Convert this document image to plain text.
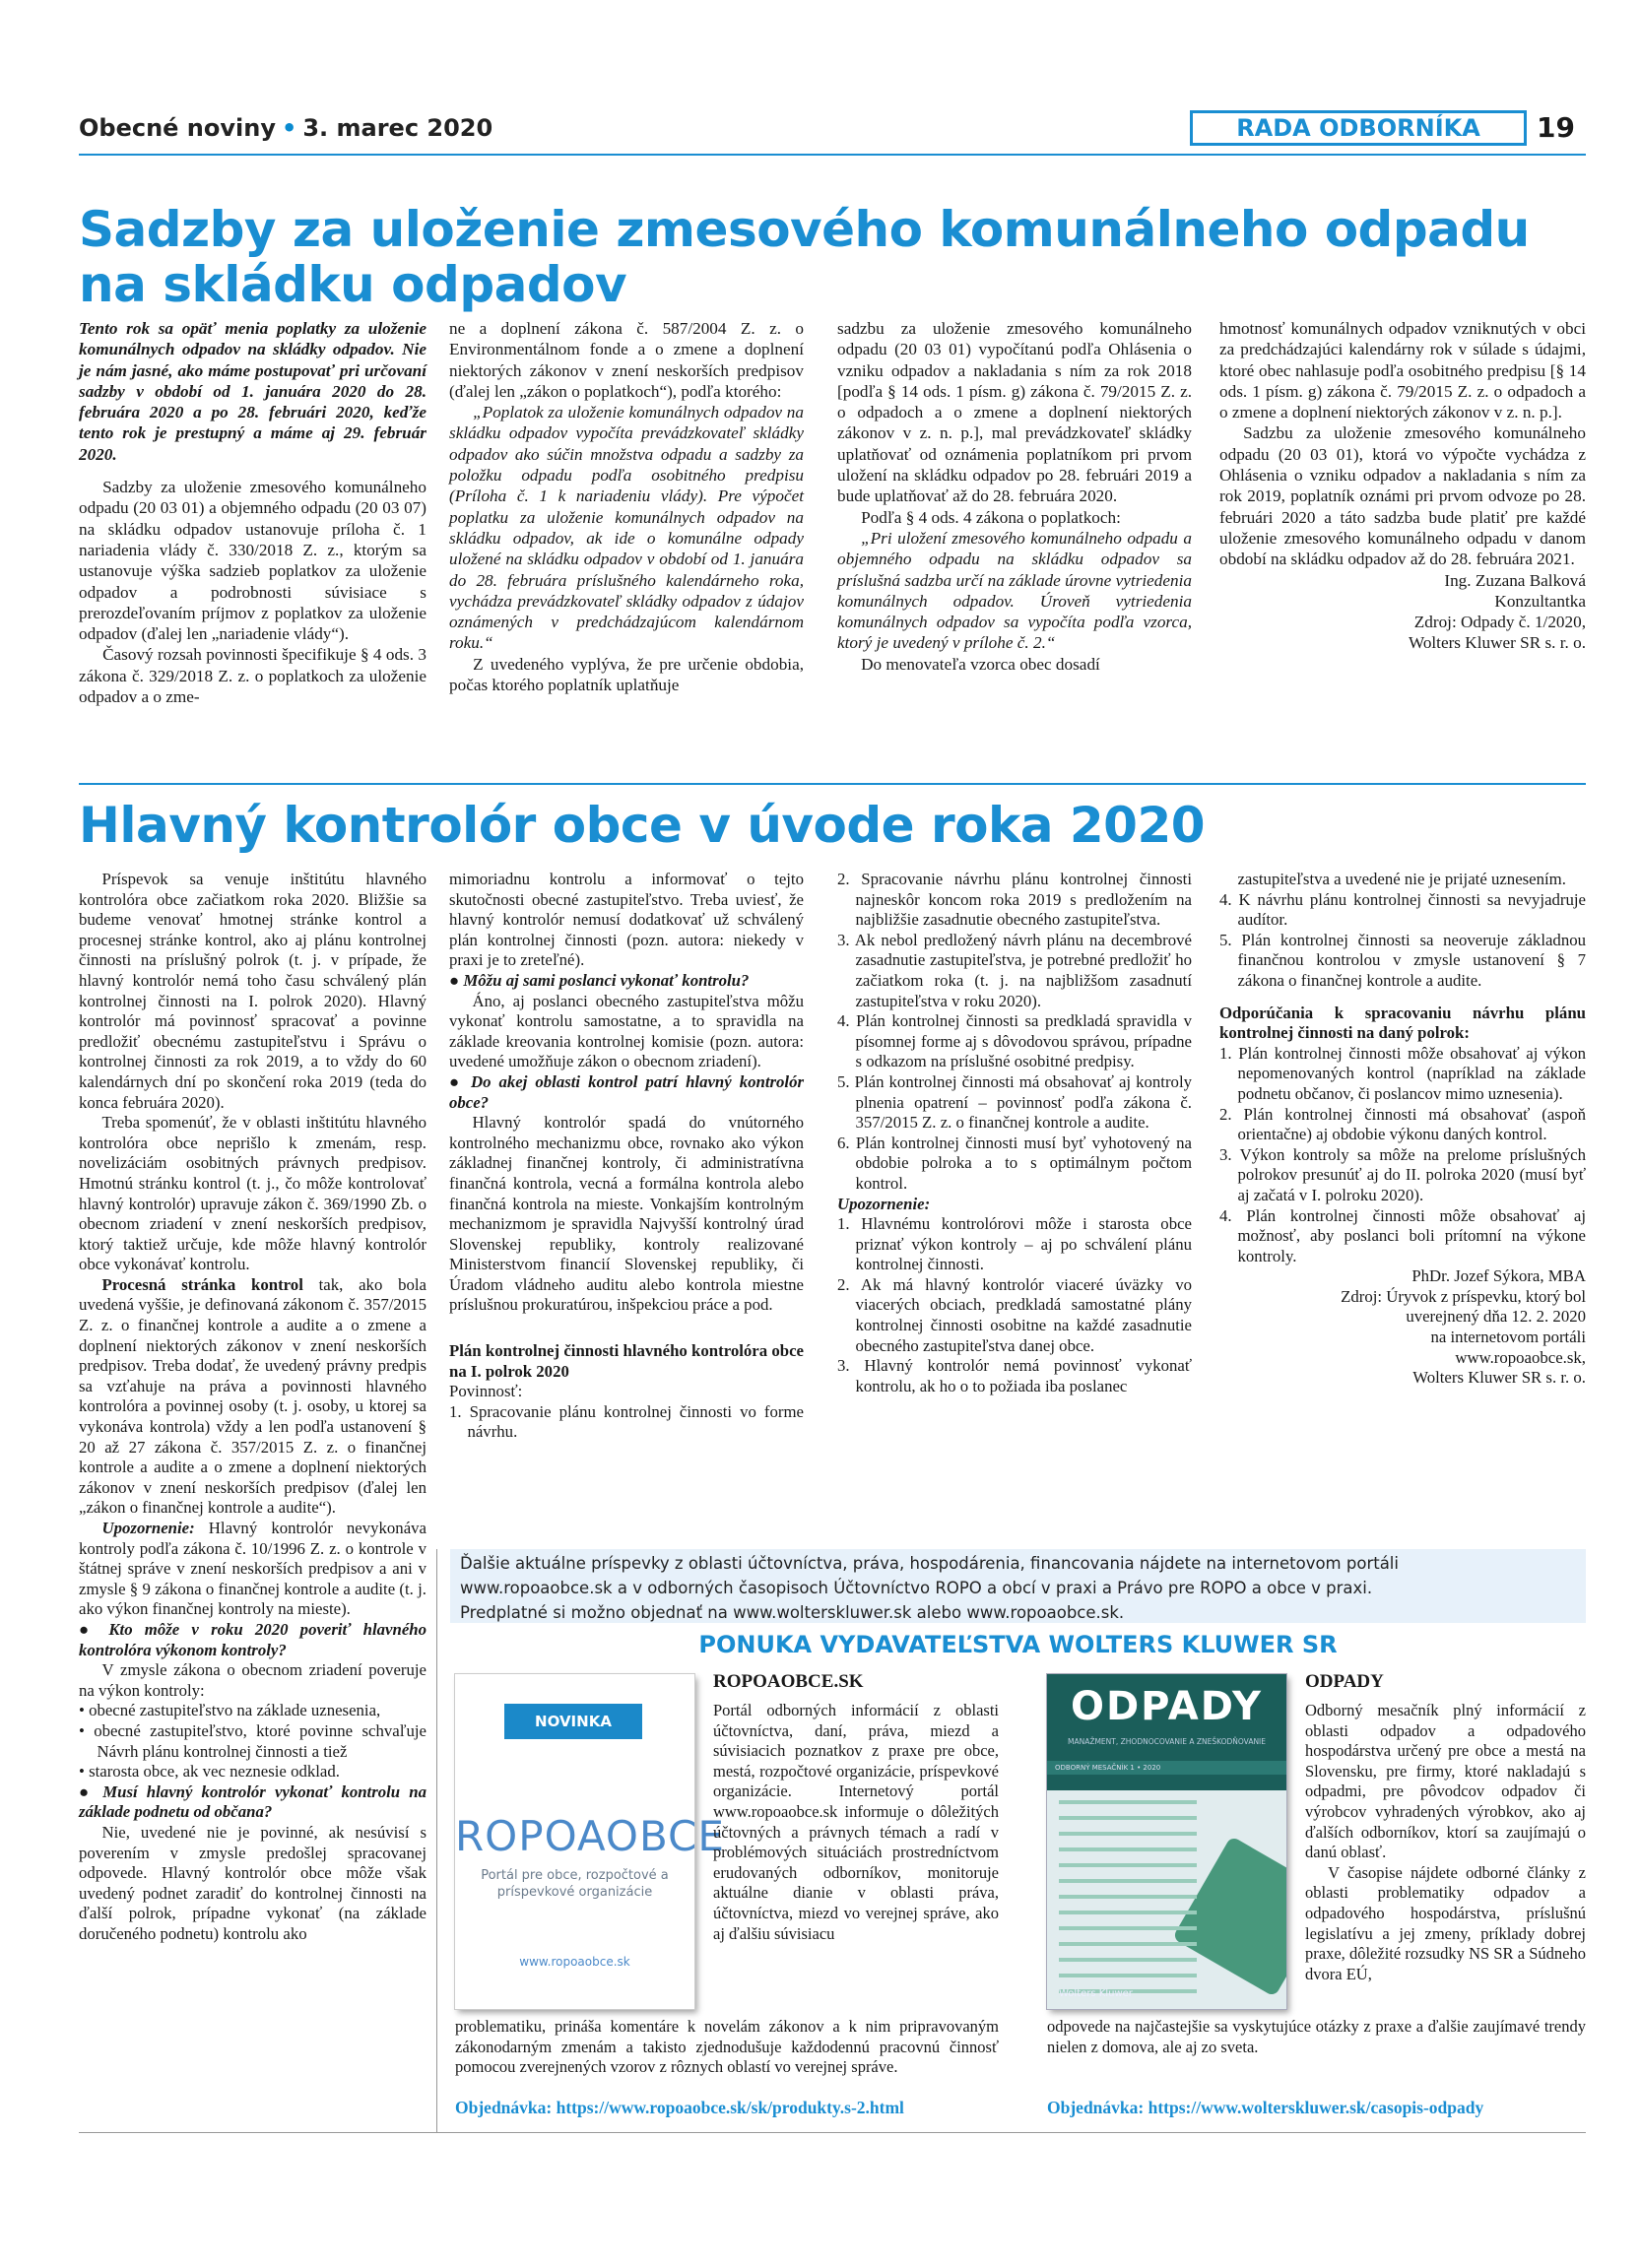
Obecné noviny • 3. marec 2020	RADA ODBORNÍKA	19
Sadzby za uloženie zmesového komunálneho odpadu
na skládku odpadov

Tento rok sa opäť menia poplatky za uloženie komunálnych odpadov na skládky odpadov. Nie je nám jasné, ako máme postupovať pri určovaní sadzby v období od 1. januára 2020 do 28. februára 2020 a po 28. februári 2020, keďže tento rok je prestupný a máme aj 29. február 2020.

Sadzby za uloženie zmesového komunálneho odpadu (20 03 01) a objemného odpadu (20 03 07) na skládku odpadov ustanovuje príloha č. 1 nariadenia vlády č. 330/2018 Z. z., ktorým sa ustanovuje výška sadzieb poplatkov za uloženie odpadov a podrobnosti súvisiace s prerozdeľovaním príjmov z poplatkov za uloženie odpadov (ďalej len „nariadenie vlády“).

Časový rozsah povinnosti špecifikuje § 4 ods. 3 zákona č. 329/2018 Z. z. o poplatkoch za uloženie odpadov a o zme-

ne a doplnení zákona č. 587/2004 Z. z. o Environmentálnom fonde a o zmene a doplnení niektorých zákonov v znení neskorších predpisov (ďalej len „zákon o poplatkoch“), podľa ktorého:

„Poplatok za uloženie komunálnych odpadov na skládku odpadov vypočíta prevádzkovateľ skládky odpadov ako súčin množstva odpadu a sadzby za položku odpadu podľa osobitného predpisu (Príloha č. 1 k nariadeniu vlády). Pre výpočet poplatku za uloženie komunálnych odpadov na skládku odpadov, ak ide o komunálne odpady uložené na skládku odpadov v období od 1. januára do 28. februára príslušného kalendárneho roka, vychádza prevádzkovateľ skládky odpadov z údajov oznámených v predchádzajúcom kalendárnom roku.“

Z uvedeného vyplýva, že pre určenie obdobia, počas ktorého poplatník uplatňuje

sadzbu za uloženie zmesového komunálneho odpadu (20 03 01) vypočítanú podľa Ohlásenia o vzniku odpadov a nakladania s ním za rok 2018 [podľa § 14 ods. 1 písm. g) zákona č. 79/2015 Z. z. o odpadoch a o zmene a doplnení niektorých zákonov v z. n. p.], mal prevádzkovateľ skládky uplatňovať od oznámenia poplatníkom pri prvom uložení na skládku odpadov po 28. februári 2019 a bude uplatňovať až do 28. februára 2020.

Podľa § 4 ods. 4 zákona o poplatkoch:

„Pri uložení zmesového komunálneho odpadu a objemného odpadu na skládku odpadov sa príslušná sadzba určí na základe úrovne vytriedenia komunálnych odpadov. Úroveň vytriedenia komunálnych odpadov sa vypočíta podľa vzorca, ktorý je uvedený v prílohe č. 2.“

Do menovateľa vzorca obec dosadí

hmotnosť komunálnych odpadov vzniknutých v obci za predchádzajúci kalendárny rok v súlade s údajmi, ktoré obec nahlasuje podľa osobitného predpisu [§ 14 ods. 1 písm. g) zákona č. 79/2015 Z. z. o odpadoch a o zmene a doplnení niektorých zákonov v z. n. p.].

Sadzbu za uloženie zmesového komunálneho odpadu (20 03 01), ktorá vo výpočte vychádza z Ohlásenia o vzniku odpadov a nakladania s ním za rok 2019, poplatník oznámi pri prvom odvoze po 28. februári 2020 a táto sadzba bude platiť pre každé uloženie zmesového komunálneho odpadu v danom období na skládku odpadov až do 28. februára 2021.

Ing. Zuzana Balková

Konzultantka

Zdroj: Odpady č. 1/2020,

Wolters Kluwer SR s. r. o.

Hlavný kontrolór obce v úvode roka 2020

Príspevok sa venuje inštitútu hlavného kontrolóra obce začiatkom roka 2020. Bližšie sa budeme venovať hmotnej stránke kontrol a procesnej stránke kontrol, ako aj plánu kontrolnej činnosti na príslušný polrok (t. j. v prípade, že hlavný kontrolór nemá toho času schválený plán kontrolnej činnosti na I. polrok 2020). Hlavný kontrolór má povinnosť spracovať a povinne predložiť obecnému zastupiteľstvu i Správu o kontrolnej činnosti za rok 2019, a to vždy do 60 kalendárnych dní po skončení roka 2019 (teda do konca februára 2020).

Treba spomenúť, že v oblasti inštitútu hlavného kontrolóra obce neprišlo k zmenám, resp. novelizáciám osobitných právnych predpisov. Hmotnú stránku kontrol (t. j., čo môže kontrolovať hlavný kontrolór) upravuje zákon č. 369/1990 Zb. o obecnom zriadení v znení neskorších predpisov, ktorý taktiež určuje, kde môže hlavný kontrolór obce vykonávať kontrolu.

Procesná stránka kontrol tak, ako bola uvedená vyššie, je definovaná zákonom č. 357/2015 Z. z. o finančnej kontrole a audite a o zmene a doplnení niektorých zákonov v znení neskorších predpisov. Treba dodať, že uvedený právny predpis sa vzťahuje na práva a povinnosti hlavného kontrolóra a povinnej osoby (t. j. osoby, u ktorej sa vykonáva kontrola) vždy a len podľa ustanovení § 20 až 27 zákona č. 357/2015 Z. z. o finančnej kontrole a audite a o zmene a doplnení niektorých zákonov v znení neskorších predpisov (ďalej len „zákon o finančnej kontrole a audite“).

Upozornenie: Hlavný kontrolór nevykonáva kontroly podľa zákona č. 10/1996 Z. z. o kontrole v štátnej správe v znení neskorších predpisov a ani v zmysle § 9 zákona o finančnej kontrole a audite (t. j. ako výkon finančnej kontroly na mieste).

● Kto môže v roku 2020 poveriť hlavného kontrolóra výkonom kontroly?

V zmysle zákona o obecnom zriadení poveruje na výkon kontroly:

• obecné zastupiteľstvo na základe uznesenia,

• obecné zastupiteľstvo, ktoré povinne schvaľuje Návrh plánu kontrolnej činnosti a tiež

• starosta obce, ak vec neznesie odklad.

● Musí hlavný kontrolór vykonať kontrolu na základe podnetu od občana?

Nie, uvedené nie je povinné, ak nesúvisí s poverením v zmysle predošlej spracovanej odpovede. Hlavný kontrolór obce môže však uvedený podnet zaradiť do kontrolnej činnosti na ďalší polrok, prípadne vykonať (na základe doručeného podnetu) kontrolu ako

mimoriadnu kontrolu a informovať o tejto skutočnosti obecné zastupiteľstvo. Treba uviesť, že hlavný kontrolór nemusí dodatkovať už schválený plán kontrolnej činnosti (pozn. autora: niekedy v praxi je to zreteľné).

● Môžu aj sami poslanci vykonať kontrolu?

Áno, aj poslanci obecného zastupiteľstva môžu vykonať kontrolu samostatne, a to spravidla na základe kreovania kontrolnej komisie (pozn. autora: uvedené umožňuje zákon o obecnom zriadení).

● Do akej oblasti kontrol patrí hlavný kontrolór obce?

Hlavný kontrolór spadá do vnútorného kontrolného mechanizmu obce, rovnako ako výkon základnej finančnej kontroly, či administratívna finančná kontrola, vecná a formálna kontrola alebo finančná kontrola na mieste. Vonkajším kontrolným mechanizmom je spravidla Najvyšší kontrolný úrad Slovenskej republiky, kontroly realizované Ministerstvom financií Slovenskej republiky, či Úradom vládneho auditu alebo kontrola miestne príslušnou prokuratúrou, inšpekciou práce a pod.

Plán kontrolnej činnosti hlavného kontrolóra obce na I. polrok 2020

Povinnosť:

1. Spracovanie plánu kontrolnej činnosti vo forme návrhu.

2. Spracovanie návrhu plánu kontrolnej činnosti najneskôr koncom roka 2019 s predložením na najbližšie zasadnutie obecného zastupiteľstva.

3. Ak nebol predložený návrh plánu na decembrové zasadnutie zastupiteľstva, je potrebné predložiť ho začiatkom roka (t. j. na najbližšom zasadnutí zastupiteľstva v roku 2020).

4. Plán kontrolnej činnosti sa predkladá spravidla v písomnej forme aj s dôvodovou správou, prípadne s odkazom na príslušné osobitné predpisy.

5. Plán kontrolnej činnosti má obsahovať aj kontroly plnenia opatrení – povinnosť podľa zákona č. 357/2015 Z. z. o finančnej kontrole a audite.

6. Plán kontrolnej činnosti musí byť vyhotovený na obdobie polroka a to s optimálnym počtom kontrol.

Upozornenie:

1. Hlavnému kontrolórovi môže i starosta obce priznať výkon kontroly – aj po schválení plánu kontrolnej činnosti.

2. Ak má hlavný kontrolór viaceré úväzky vo viacerých obciach, predkladá samostatné plány kontrolnej činnosti osobitne na každé zasadnutie obecného zastupiteľstva danej obce.

3. Hlavný kontrolór nemá povinnosť vykonať kontrolu, ak ho o to požiada iba poslanec

zastupiteľstva a uvedené nie je prijaté uznesením.

4. K návrhu plánu kontrolnej činnosti sa nevyjadruje audítor.

5. Plán kontrolnej činnosti sa neoveruje základnou finančnou kontrolou v zmysle ustanovení § 7 zákona o finančnej kontrole a audite.

Odporúčania k spracovaniu návrhu plánu kontrolnej činnosti na daný polrok:

1. Plán kontrolnej činnosti môže obsahovať aj výkon nepomenovaných kontrol (napríklad na základe podnetu občanov, či poslancov mimo uznesenia).

2. Plán kontrolnej činnosti má obsahovať (aspoň orientačne) aj obdobie výkonu daných kontrol.

3. Výkon kontroly sa môže na prelome príslušných polrokov presunúť aj do II. polroka 2020 (musí byť aj začatá v I. polroku 2020).

4. Plán kontrolnej činnosti môže obsahovať aj možnosť, aby poslanci boli prítomní na výkone kontroly.

PhDr. Jozef Sýkora, MBA

Zdroj: Úryvok z príspevku, ktorý bol

uverejnený dňa 12. 2. 2020

na internetovom portáli

www.ropoaobce.sk,

Wolters Kluwer SR s. r. o.

Ďalšie aktuálne príspevky z oblasti účtovníctva, práva, hospodárenia, financovania nájdete na internetovom portáli
www.ropoaobce.sk a v odborných časopisoch Účtovníctvo ROPO a obcí v praxi a Právo pre ROPO a obce v praxi.
Predplatné si možno objednať na www.wolterskluwer.sk alebo www.ropoaobce.sk.
PONUKA VYDAVATEĽSTVA WOLTERS KLUWER SR
NOVINKA
ROPOAOBCE
Portál pre obce, rozpočtové a príspevkové organizácie
www.ropoaobce.sk
ROPOAOBCE.SK

Portál odborných informácií z oblasti účtovníctva, daní, práva, miezd a súvisiacich poznatkov z praxe pre obce, mestá, rozpočtové organizácie, príspevkové organizácie. Internetový portál www.ropoaobce.sk informuje o dôležitých účtovných a právnych témach a radí v problémových situáciách prostredníctvom erudovaných odborníkov, monitoruje aktuálne dianie v oblasti práva, účtovníctva, miezd vo verejnej správe, ako aj ďalšiu súvisiacu

problematiku, prináša komentáre k novelám zákonov a k nim pripravovaným zákonodarným zmenám a takisto zjednodušuje každodennú pracovnú činnosť pomocou zverejnených vzorov z rôznych oblastí vo verejnej správe.

Objednávka: https://www.ropoaobce.sk/sk/produkty.s-2.html
ODPADY
MANAŽMENT, ZHODNOCOVANIE A ZNEŠKODŇOVANIE
ODBORNÝ MESAČNÍK 1 • 2020
Wolters Kluwer
ODPADY

Odborný mesačník plný informácií z oblasti odpadov a odpadového hospodárstva určený pre obce a mestá na Slovensku, pre firmy, ktoré nakladajú s odpadmi, pre pôvodcov odpadov či výrobcov vyhradených výrobkov, ako aj ďalších odborníkov, ktorí sa zaujímajú o danú oblasť.

V časopise nájdete odborné články z oblasti problematiky odpadov a odpadového hospodárstva, príslušnú legislatívu a jej zmeny, príklady dobrej praxe, dôležité rozsudky NS SR a Súdneho dvora EÚ,

odpovede na najčastejšie sa vyskytujúce otázky z praxe a ďalšie zaujímavé trendy nielen z domova, ale aj zo sveta.

Objednávka: https://www.wolterskluwer.sk/casopis-odpady
